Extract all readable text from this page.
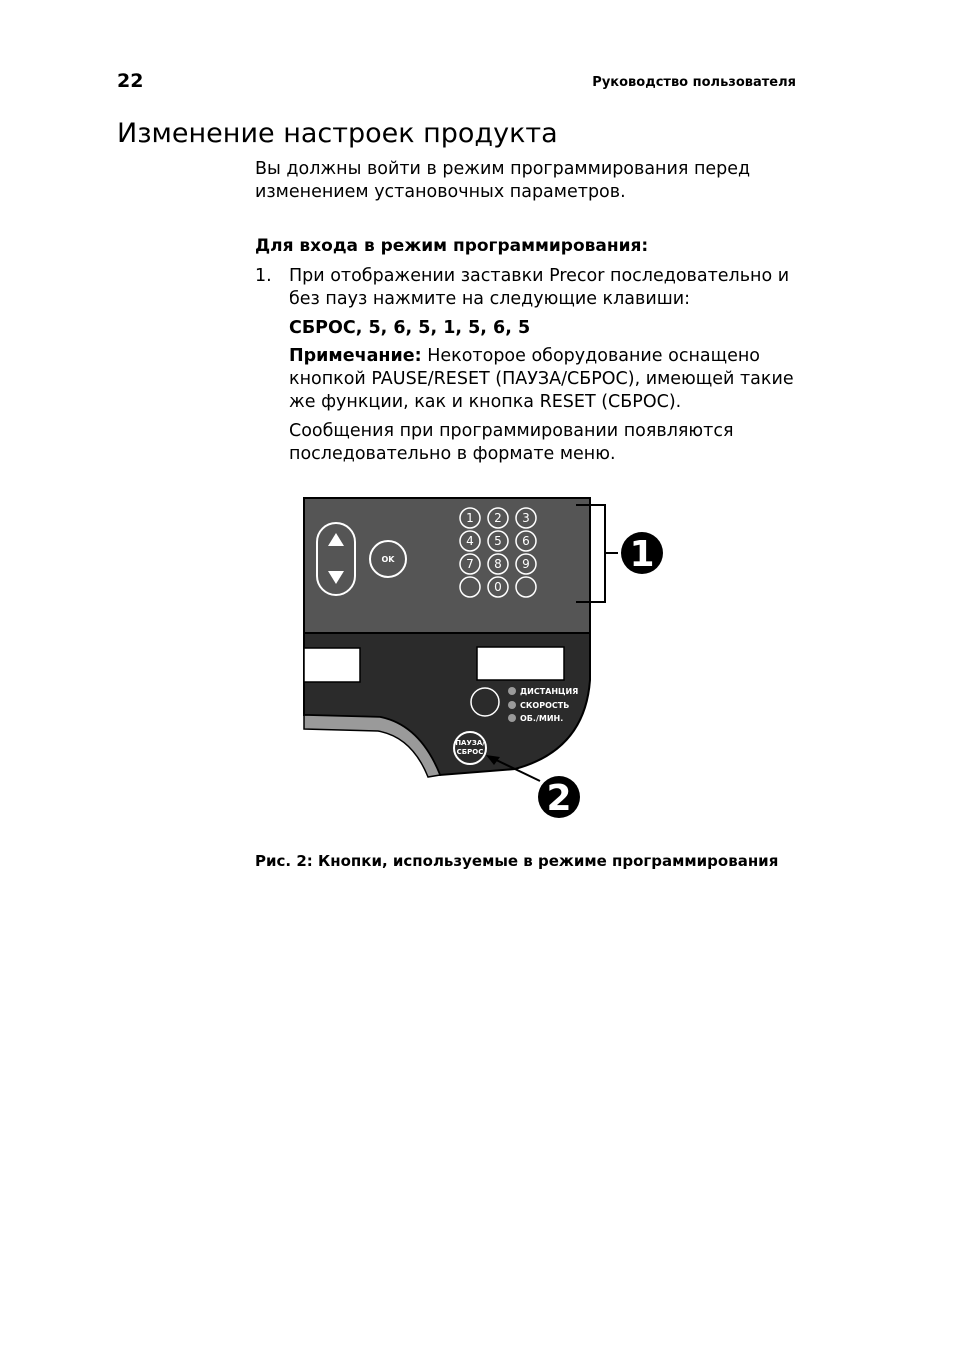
22	Руководство пользователя
Изменение настроек продукта
Вы должны войти в режим программирования перед изменением установочных параметров.
Для входа в режим программирования:
1. При отображении заставки Precor последовательно и без пауз нажмите на следующие клавиши:
СБРОС, 5, 6, 5, 1, 5, 6, 5
Примечание: Некоторое оборудование оснащено кнопкой PAUSE/RESET (ПАУЗА/СБРОС), имеющей такие же функции, как и кнопка RESET (СБРОС).
Сообщения при программировании появляются последовательно в формате меню.
OK
1 2 3
4 5 6
7 8 9
0
ДИСТАНЦИЯ
СКОРОСТЬ
ОБ./МИН.
ПАУЗА/
СБРОС
1
2
Рис. 2: Кнопки, используемые в режиме программирования
